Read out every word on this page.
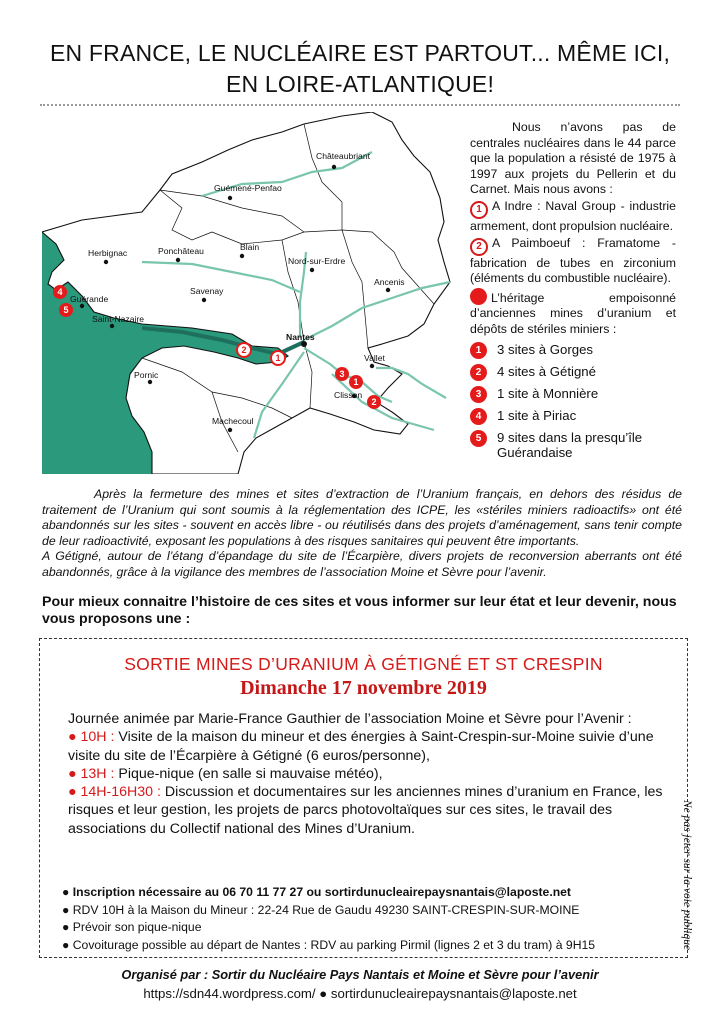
EN FRANCE, LE NUCLÉAIRE EST PARTOUT... MÊME ICI, EN LOIRE-ATLANTIQUE!
Châteaubriant
Guémené-Penfao
Blain
Ponchâteau
Herbignac
Nord-sur-Erdre
Savenay
Ancenis
Guérande
Saint-Nazaire
Nantes
Vallet
Pornic
Clisson
Machecoul
1
2
3
1
2
4
5

Nous n’avons pas de centrales nucléaires dans le 44 parce que la population a résisté de 1975 à 1997 aux projets du Pellerin et du Carnet. Mais nous avons :

1 A Indre : Naval Group - industrie armement, dont propulsion nucléaire.

2 A Paimboeuf : Framatome - fabrication de tubes en zirconium (éléments du combustible nucléaire).

L’héritage empoisonné d’anciennes mines d’uranium et dépôts de stériles miniers :

1	3 sites à Gorges
2	4 sites à Gétigné
3	1 site à Monnière
4	1 site à Piriac
5	9 sites dans la presqu’île Guérandaise

Après la fermeture des mines et sites d’extraction de l’Uranium français, en dehors des résidus de traitement de l’Uranium qui sont soumis à la réglementation des ICPE, les «stériles miniers radioactifs» ont été abandonnés sur les sites - souvent en accès libre - ou réutilisés dans des projets d’aménagement, sans tenir compte de leur radioactivité, exposant les populations à des risques sanitaires qui peuvent être importants.

A Gétigné, autour de l’étang d’épandage du site de l’Écarpière, divers projets de reconversion aberrants ont été abandonnés, grâce à la vigilance des membres de l’association Moine et Sèvre pour l’avenir.

Pour mieux connaitre l’histoire de ces sites et vous informer sur leur état et leur devenir, nous vous proposons une :
SORTIE MINES D’URANIUM À GÉTIGNÉ ET ST CRESPIN
Dimanche 17 novembre 2019

Journée animée par Marie-France Gauthier de l’association Moine et Sèvre pour l’Avenir :

● 10H : Visite de la maison du mineur et des énergies à Saint-Crespin-sur-Moine suivie d’une visite du site de l’Écarpière à Gétigné (6 euros/personne),

● 13H : Pique-nique (en salle si mauvaise météo),

● 14H-16H30 : Discussion et documentaires sur les anciennes mines d’uranium en France, les risques et leur gestion, les projets de parcs photovoltaïques sur ces sites, le travail des associations du Collectif national des Mines d’Uranium.

● Inscription nécessaire au 06 70 11 77 27 ou sortirdunucleairepaysnantais@laposte.net
● RDV 10H à la Maison du Mineur : 22-24 Rue de Gaudu 49230 SAINT-CRESPIN-SUR-MOINE
● Prévoir son pique-nique
● Covoiturage possible au départ de Nantes : RDV au parking Pirmil (lignes 2 et 3 du tram) à 9H15	Ne pas jeter sur la voie publique
Organisé par : Sortir du Nucléaire Pays Nantais et Moine et Sèvre pour l’avenir
https://sdn44.wordpress.com/ ● sortirdunucleairepaysnantais@laposte.net
